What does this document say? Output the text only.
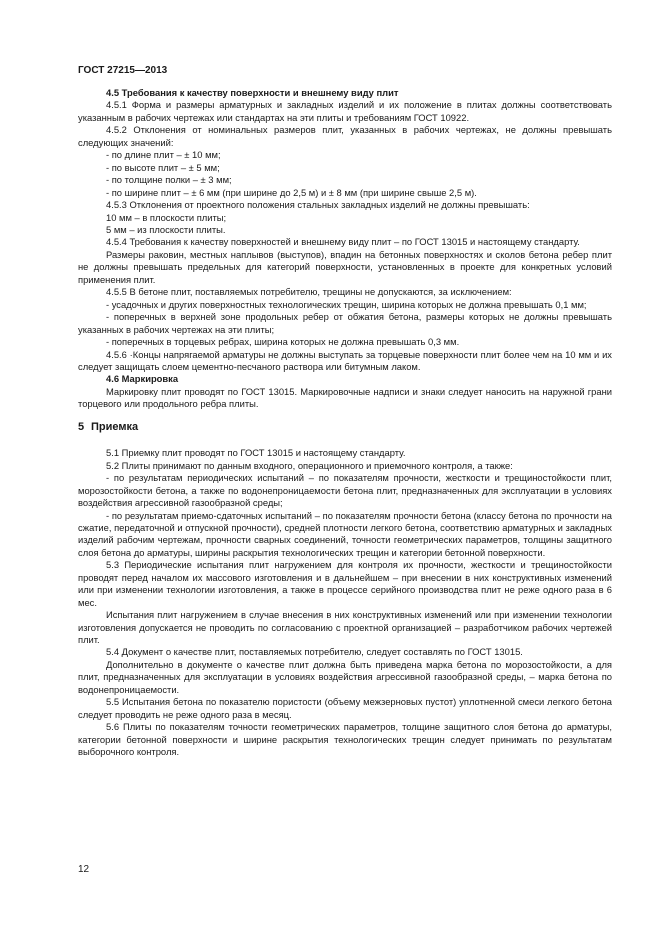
ГОСТ 27215—2013

4.5 Требования к качеству поверхности и внешнему виду плит

4.5.1 Форма и размеры арматурных и закладных изделий и их положение в плитах должны соответствовать указанным в рабочих чертежах или стандартах на эти плиты и требованиям ГОСТ 10922.

4.5.2 Отклонения от номинальных размеров плит, указанных в рабочих чертежах, не должны превышать следующих значений:

- по длине плит – ± 10 мм;

- по высоте плит – ± 5 мм;

- по толщине полки – ± 3 мм;

- по ширине плит – ± 6 мм (при ширине до 2,5 м) и ± 8 мм (при ширине свыше 2,5 м).

4.5.3 Отклонения от проектного положения стальных закладных изделий не должны превышать:

10 мм – в плоскости плиты;

5 мм – из плоскости плиты.

4.5.4 Требования к качеству поверхностей и внешнему виду плит – по ГОСТ 13015 и настоящему стандарту.

Размеры раковин, местных наплывов (выступов), впадин на бетонных поверхностях и сколов бетона ребер плит не должны превышать предельных для категорий поверхности, установленных в проекте для конкретных условий применения плит.

4.5.5 В бетоне плит, поставляемых потребителю, трещины не допускаются, за исключением:

- усадочных и других поверхностных технологических трещин, ширина которых не должна превышать 0,1 мм;

- поперечных в верхней зоне продольных ребер от обжатия бетона, размеры которых не должны превышать указанных в рабочих чертежах на эти плиты;

- поперечных в торцевых ребрах, ширина которых не должна превышать 0,3 мм.

4.5.6 ·Концы напрягаемой арматуры не должны выступать за торцевые поверхности плит более чем на 10 мм и их следует защищать слоем цементно-песчаного раствора или битумным лаком.

4.6 Маркировка

Маркировку плит проводят по ГОСТ 13015. Маркировочные надписи и знаки следует наносить на наружной грани торцевого или продольного ребра плиты.

5 Приемка

5.1 Приемку плит проводят по ГОСТ 13015 и настоящему стандарту.

5.2 Плиты принимают по данным входного, операционного и приемочного контроля, а также:

- по результатам периодических испытаний – по показателям прочности, жесткости и трещиностойкости плит, морозостойкости бетона, а также по водонепроницаемости бетона плит, предназначенных для эксплуатации в условиях воздействия агрессивной газообразной среды;

- по результатам приемо-сдаточных испытаний – по показателям прочности бетона (классу бетона по прочности на сжатие, передаточной и отпускной прочности), средней плотности легкого бетона, соответствию арматурных и закладных изделий рабочим чертежам, прочности сварных соединений, точности геометрических параметров, толщины защитного слоя бетона до арматуры, ширины раскрытия технологических трещин и категории бетонной поверхности.

5.3 Периодические испытания плит нагружением для контроля их прочности, жесткости и трещиностойкости проводят перед началом их массового изготовления и в дальнейшем – при внесении в них конструктивных изменений или при изменении технологии изготовления, а также в процессе серийного производства плит не реже одного раза в 6 мес.

Испытания плит нагружением в случае внесения в них конструктивных изменений или при изменении технологии изготовления допускается не проводить по согласованию с проектной организацией – разработчиком рабочих чертежей плит.

5.4 Документ о качестве плит, поставляемых потребителю, следует составлять по ГОСТ 13015.

Дополнительно в документе о качестве плит должна быть приведена марка бетона по морозостойкости, а для плит, предназначенных для эксплуатации в условиях воздействия агрессивной газообразной среды, – марка бетона по водонепроницаемости.

5.5 Испытания бетона по показателю пористости (объему межзерновых пустот) уплотненной смеси легкого бетона следует проводить не реже одного раза в месяц.

5.6 Плиты по показателям точности геометрических параметров, толщине защитного слоя бетона до арматуры, категории бетонной поверхности и ширине раскрытия технологических трещин следует принимать по результатам выборочного контроля.

12
